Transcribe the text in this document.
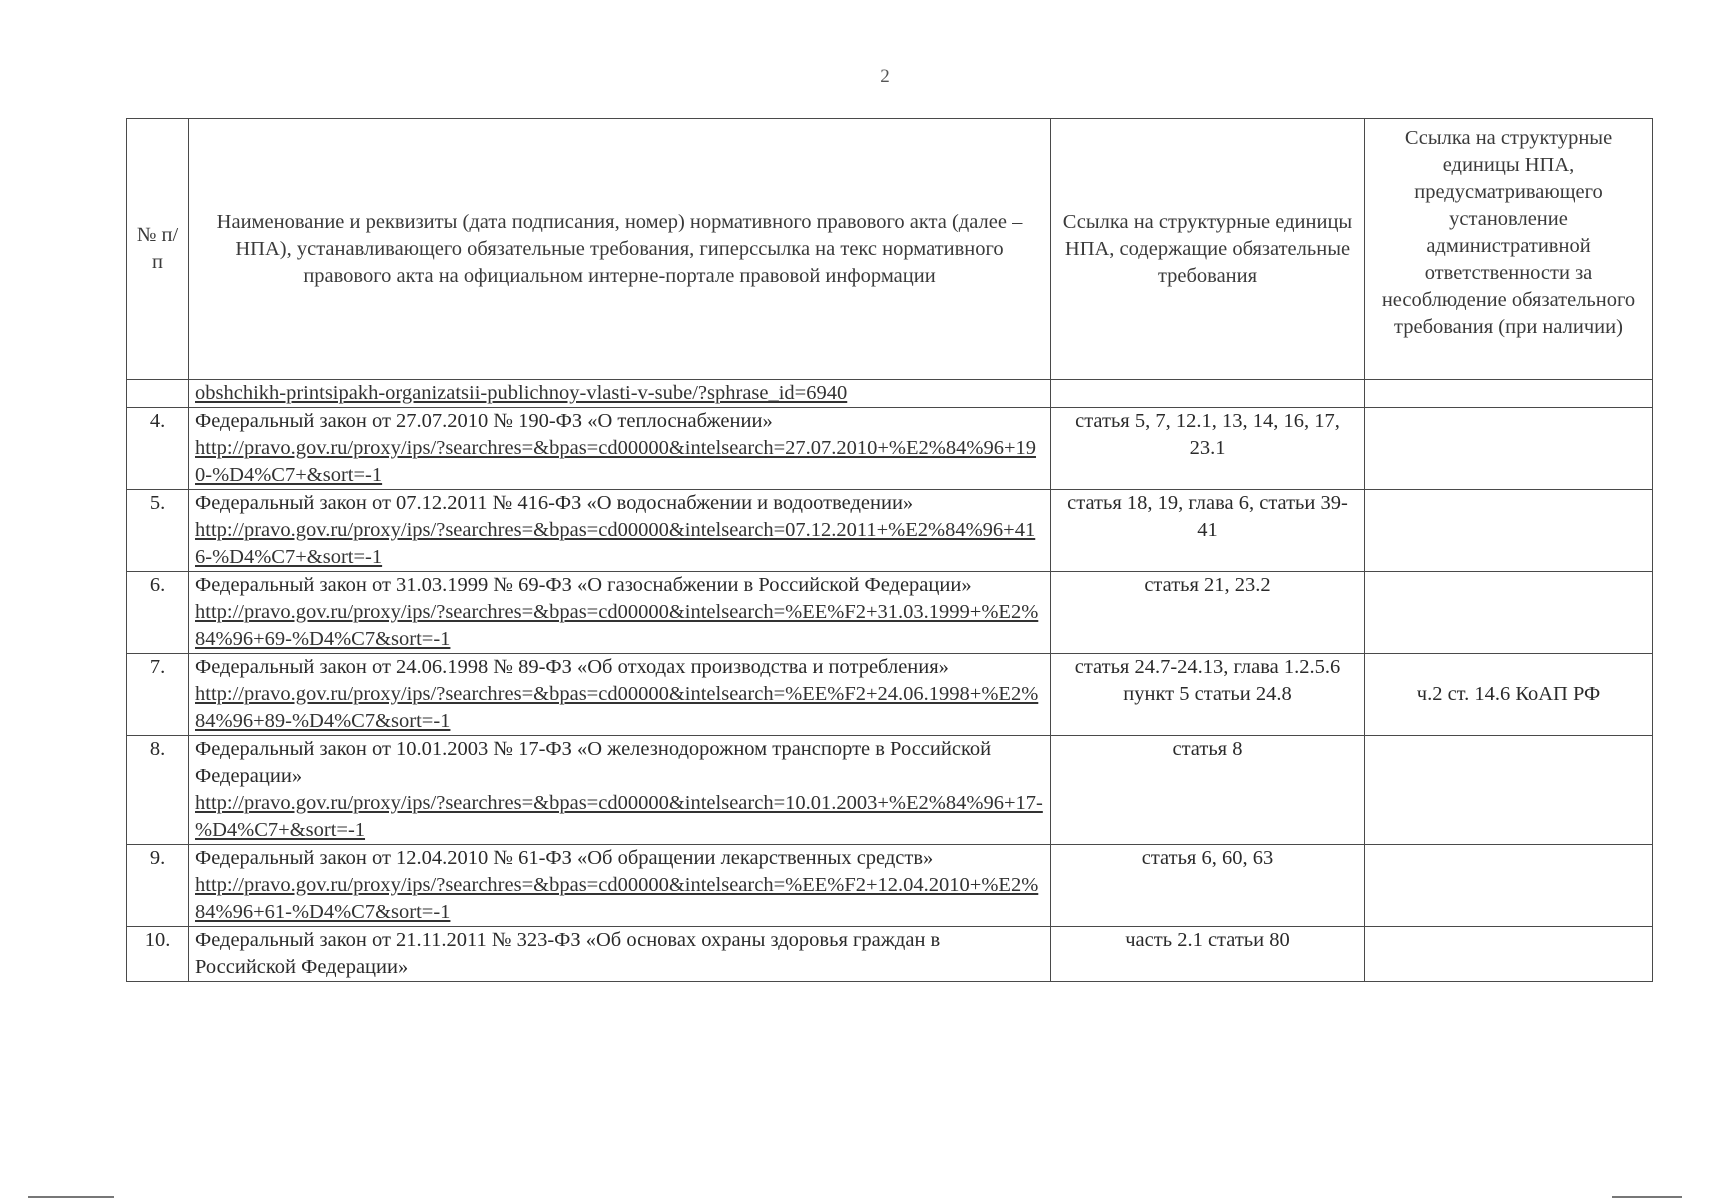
2
№ п/п	Наименование и реквизиты (дата подписания, номер) нормативного правового акта (далее – НПА), устанавливающего обязательные требования, гиперссылка на текс нормативного правового акта на официальном интерне-портале правовой информации	Ссылка на структурные единицы НПА, содержащие обязательные требования	Ссылка на структурные единицы НПА, предусматривающего установление административной ответственности за несоблюдение обязательного требования (при наличии)

	obshchikh-printsipakh-organizatsii-publichnoy-vlasti-v-sube/?sphrase_id=6940		

4.	Федеральный закон от 27.07.2010 № 190-ФЗ «О теплоснабжении»
http://pravo.gov.ru/proxy/ips/?searchres=&bpas=cd00000&intelsearch=27.07.2010+%E2%84%96+190-%D4%C7+&sort=-1	статья 5, 7, 12.1, 13, 14, 16, 17, 23.1	
5.	Федеральный закон от 07.12.2011 № 416-ФЗ «О водоснабжении и водоотведении»
http://pravo.gov.ru/proxy/ips/?searchres=&bpas=cd00000&intelsearch=07.12.2011+%E2%84%96+416-%D4%C7+&sort=-1	статья 18, 19, глава 6, статьи 39-41	
6.	Федеральный закон от 31.03.1999 № 69-ФЗ «О газоснабжении в Российской Федерации»
http://pravo.gov.ru/proxy/ips/?searchres=&bpas=cd00000&intelsearch=%EE%F2+31.03.1999+%E2%84%96+69-%D4%C7&sort=-1	статья 21, 23.2	
7.	Федеральный закон от 24.06.1998 № 89-ФЗ «Об отходах производства и потребления»
http://pravo.gov.ru/proxy/ips/?searchres=&bpas=cd00000&intelsearch=%EE%F2+24.06.1998+%E2%84%96+89-%D4%C7&sort=-1	статья 24.7-24.13, глава 1.2.5.6 пункт 5 статьи 24.8	ч.2 ст. 14.6 КоАП РФ
8.	Федеральный закон от 10.01.2003 № 17-ФЗ «О железнодорожном транспорте в Российской Федерации»
http://pravo.gov.ru/proxy/ips/?searchres=&bpas=cd00000&intelsearch=10.01.2003+%E2%84%96+17-%D4%C7+&sort=-1	статья 8	
9.	Федеральный закон от 12.04.2010 № 61-ФЗ «Об обращении лекарственных средств»
http://pravo.gov.ru/proxy/ips/?searchres=&bpas=cd00000&intelsearch=%EE%F2+12.04.2010+%E2%84%96+61-%D4%C7&sort=-1	статья 6, 60, 63	
10.	Федеральный закон от 21.11.2011 № 323-ФЗ «Об основах охраны здоровья граждан в Российской Федерации»	часть 2.1 статьи 80	
